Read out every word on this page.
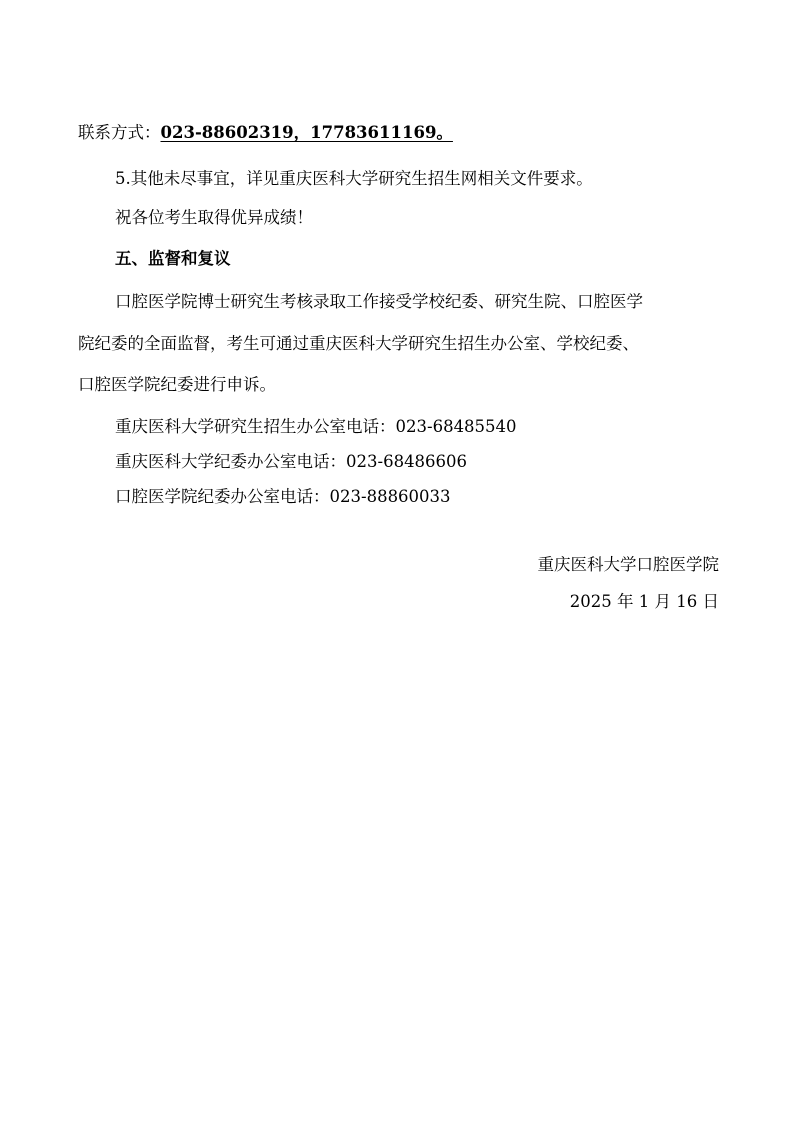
联系方式：023-88602319，17783611169。
5.其他未尽事宜，详见重庆医科大学研究生招生网相关文件要求。
祝各位考生取得优异成绩！
五、监督和复议
口腔医学院博士研究生考核录取工作接受学校纪委、研究生院、口腔医学
院纪委的全面监督，考生可通过重庆医科大学研究生招生办公室、学校纪委、
口腔医学院纪委进行申诉。
重庆医科大学研究生招生办公室电话：023-68485540
重庆医科大学纪委办公室电话：023-68486606
口腔医学院纪委办公室电话：023-88860033
重庆医科大学口腔医学院
2025 年 1 月 16 日
